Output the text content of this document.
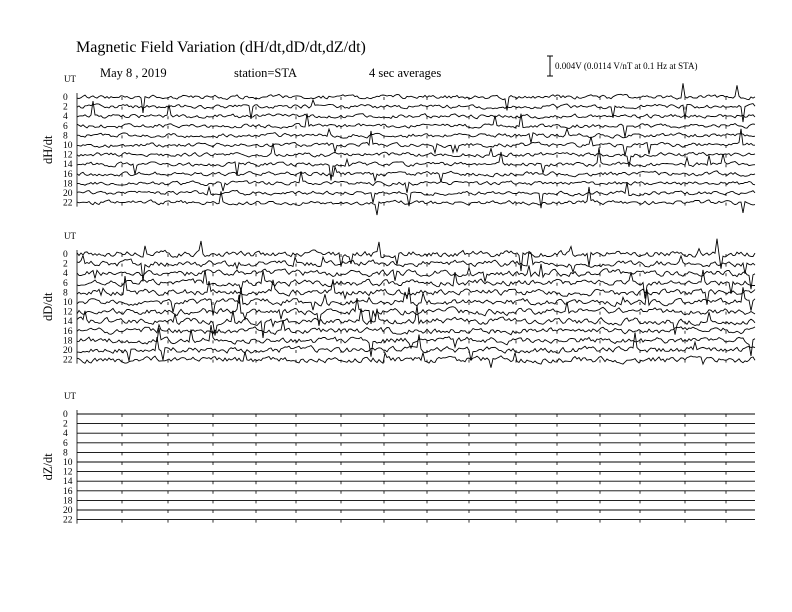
Magnetic Field Variation (dH/dt,dD/dt,dZ/dt)
May 8 , 2019	station=STA	4 sec averages	0.004V (0.0114 V/nT at 0.1 Hz at STA)
UT
dH/dt
0
2
4
6
8
10
12
14
16
18
20
22
UT
dD/dt
0
2
4
6
8
10
12
14
16
18
20
22
UT
dZ/dt
0
2
4
6
8
10
12
14
16
18
20
22
